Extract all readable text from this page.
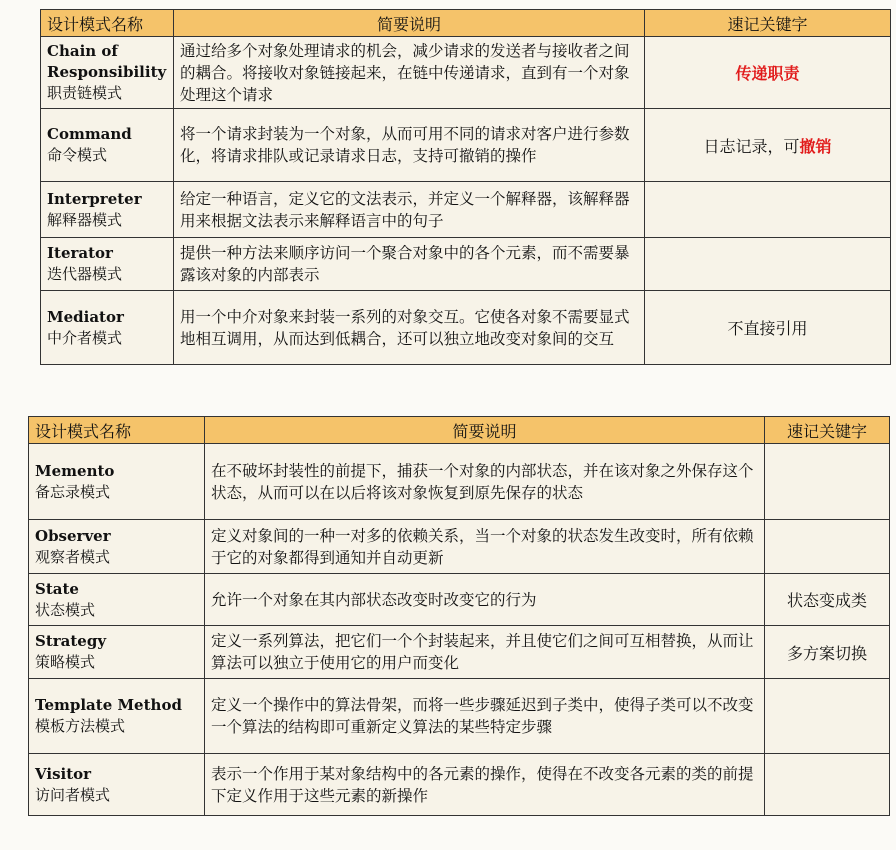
设计模式名称	简要说明	速记关键字

Chain of Responsibility
职责链模式	通过给多个对象处理请求的机会，减少请求的发送者与接收者之间的耦合。将接收对象链接起来，在链中传递请求，直到有一个对象处理这个请求	传递职责

Command
命令模式	将一个请求封装为一个对象，从而可用不同的请求对客户进行参数化，将请求排队或记录请求日志，支持可撤销的操作	日志记录，可撤销

Interpreter
解释器模式	给定一种语言，定义它的文法表示，并定义一个解释器，该解释器用来根据文法表示来解释语言中的句子	

Iterator
迭代器模式	提供一种方法来顺序访问一个聚合对象中的各个元素，而不需要暴露该对象的内部表示	

Mediator
中介者模式	用一个中介对象来封装一系列的对象交互。它使各对象不需要显式地相互调用，从而达到低耦合，还可以独立地改变对象间的交互	不直接引用
设计模式名称	简要说明	速记关键字

Memento
备忘录模式	在不破坏封装性的前提下，捕获一个对象的内部状态，并在该对象之外保存这个状态，从而可以在以后将该对象恢复到原先保存的状态	

Observer
观察者模式	定义对象间的一种一对多的依赖关系，当一个对象的状态发生改变时，所有依赖于它的对象都得到通知并自动更新	

State
状态模式	允许一个对象在其内部状态改变时改变它的行为	状态变成类

Strategy
策略模式	定义一系列算法，把它们一个个封装起来，并且使它们之间可互相替换，从而让算法可以独立于使用它的用户而变化	多方案切换

Template Method
模板方法模式	定义一个操作中的算法骨架，而将一些步骤延迟到子类中，使得子类可以不改变一个算法的结构即可重新定义算法的某些特定步骤	

Visitor
访问者模式	表示一个作用于某对象结构中的各元素的操作，使得在不改变各元素的类的前提下定义作用于这些元素的新操作	
